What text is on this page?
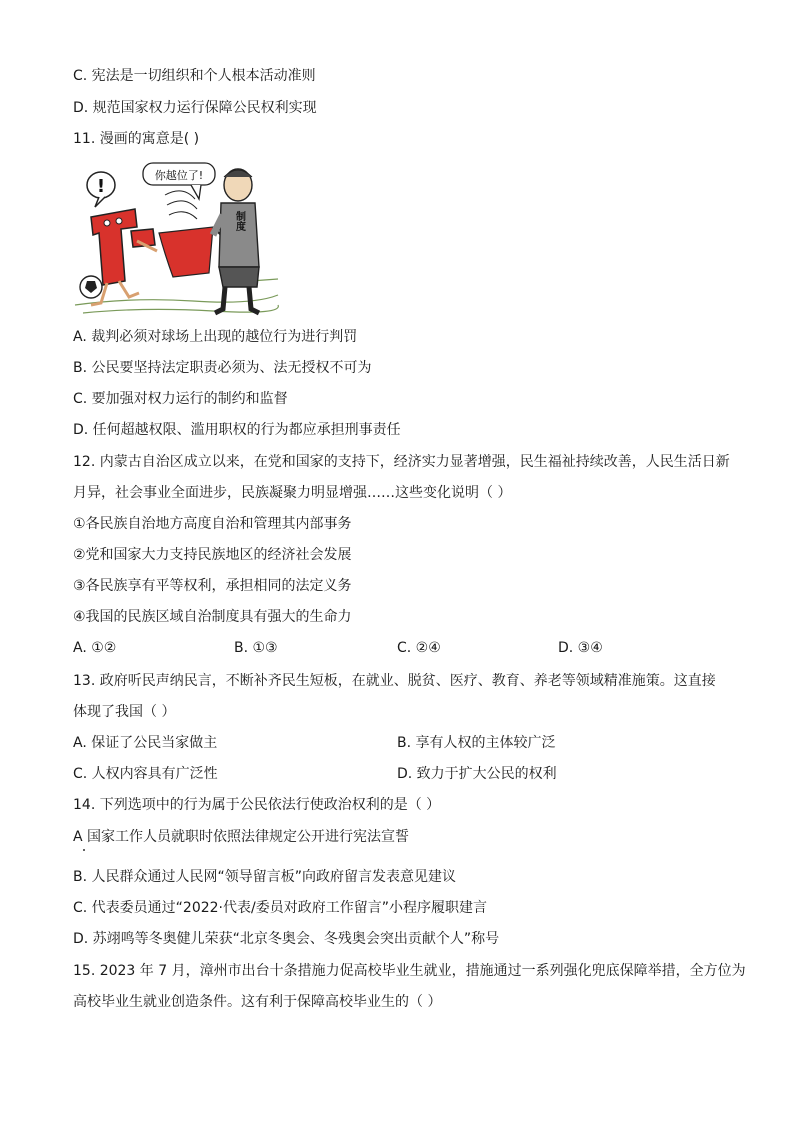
C. 宪法是一切组织和个人根本活动准则
D. 规范国家权力运行保障公民权利实现
11. 漫画的寓意是( )
!
你越位了!
制度
A. 裁判必须对球场上出现的越位行为进行判罚
B. 公民要坚持法定职责必须为、法无授权不可为
C. 要加强对权力运行的制约和监督
D. 任何超越权限、滥用职权的行为都应承担刑事责任
12. 内蒙古自治区成立以来，在党和国家的支持下，经济实力显著增强，民生福祉持续改善，人民生活日新
月异，社会事业全面进步，民族凝聚力明显增强……这些变化说明（ ）
①各民族自治地方高度自治和管理其内部事务
②党和国家大力支持民族地区的经济社会发展
③各民族享有平等权利，承担相同的法定义务
④我国的民族区域自治制度具有强大的生命力
A. ①②	B. ①③	C. ②④	D. ③④
13. 政府听民声纳民言，不断补齐民生短板，在就业、脱贫、医疗、教育、养老等领域精准施策。这直接
体现了我国（ ）
A. 保证了公民当家做主	B. 享有人权的主体较广泛
C. 人权内容具有广泛性	D. 致力于扩大公民的权利
14. 下列选项中的行为属于公民依法行使政治权利的是（ ）
A 国家工作人员就职时依照法律规定公开进行宪法宣誓
B. 人民群众通过人民网“领导留言板”向政府留言发表意见建议
C. 代表委员通过“2022·代表/委员对政府工作留言”小程序履职建言
D. 苏翊鸣等冬奥健儿荣获“北京冬奥会、冬残奥会突出贡献个人”称号
15. 2023 年 7 月，漳州市出台十条措施力促高校毕业生就业，措施通过一系列强化兜底保障举措，全方位为
高校毕业生就业创造条件。这有利于保障高校毕业生的（ ）
